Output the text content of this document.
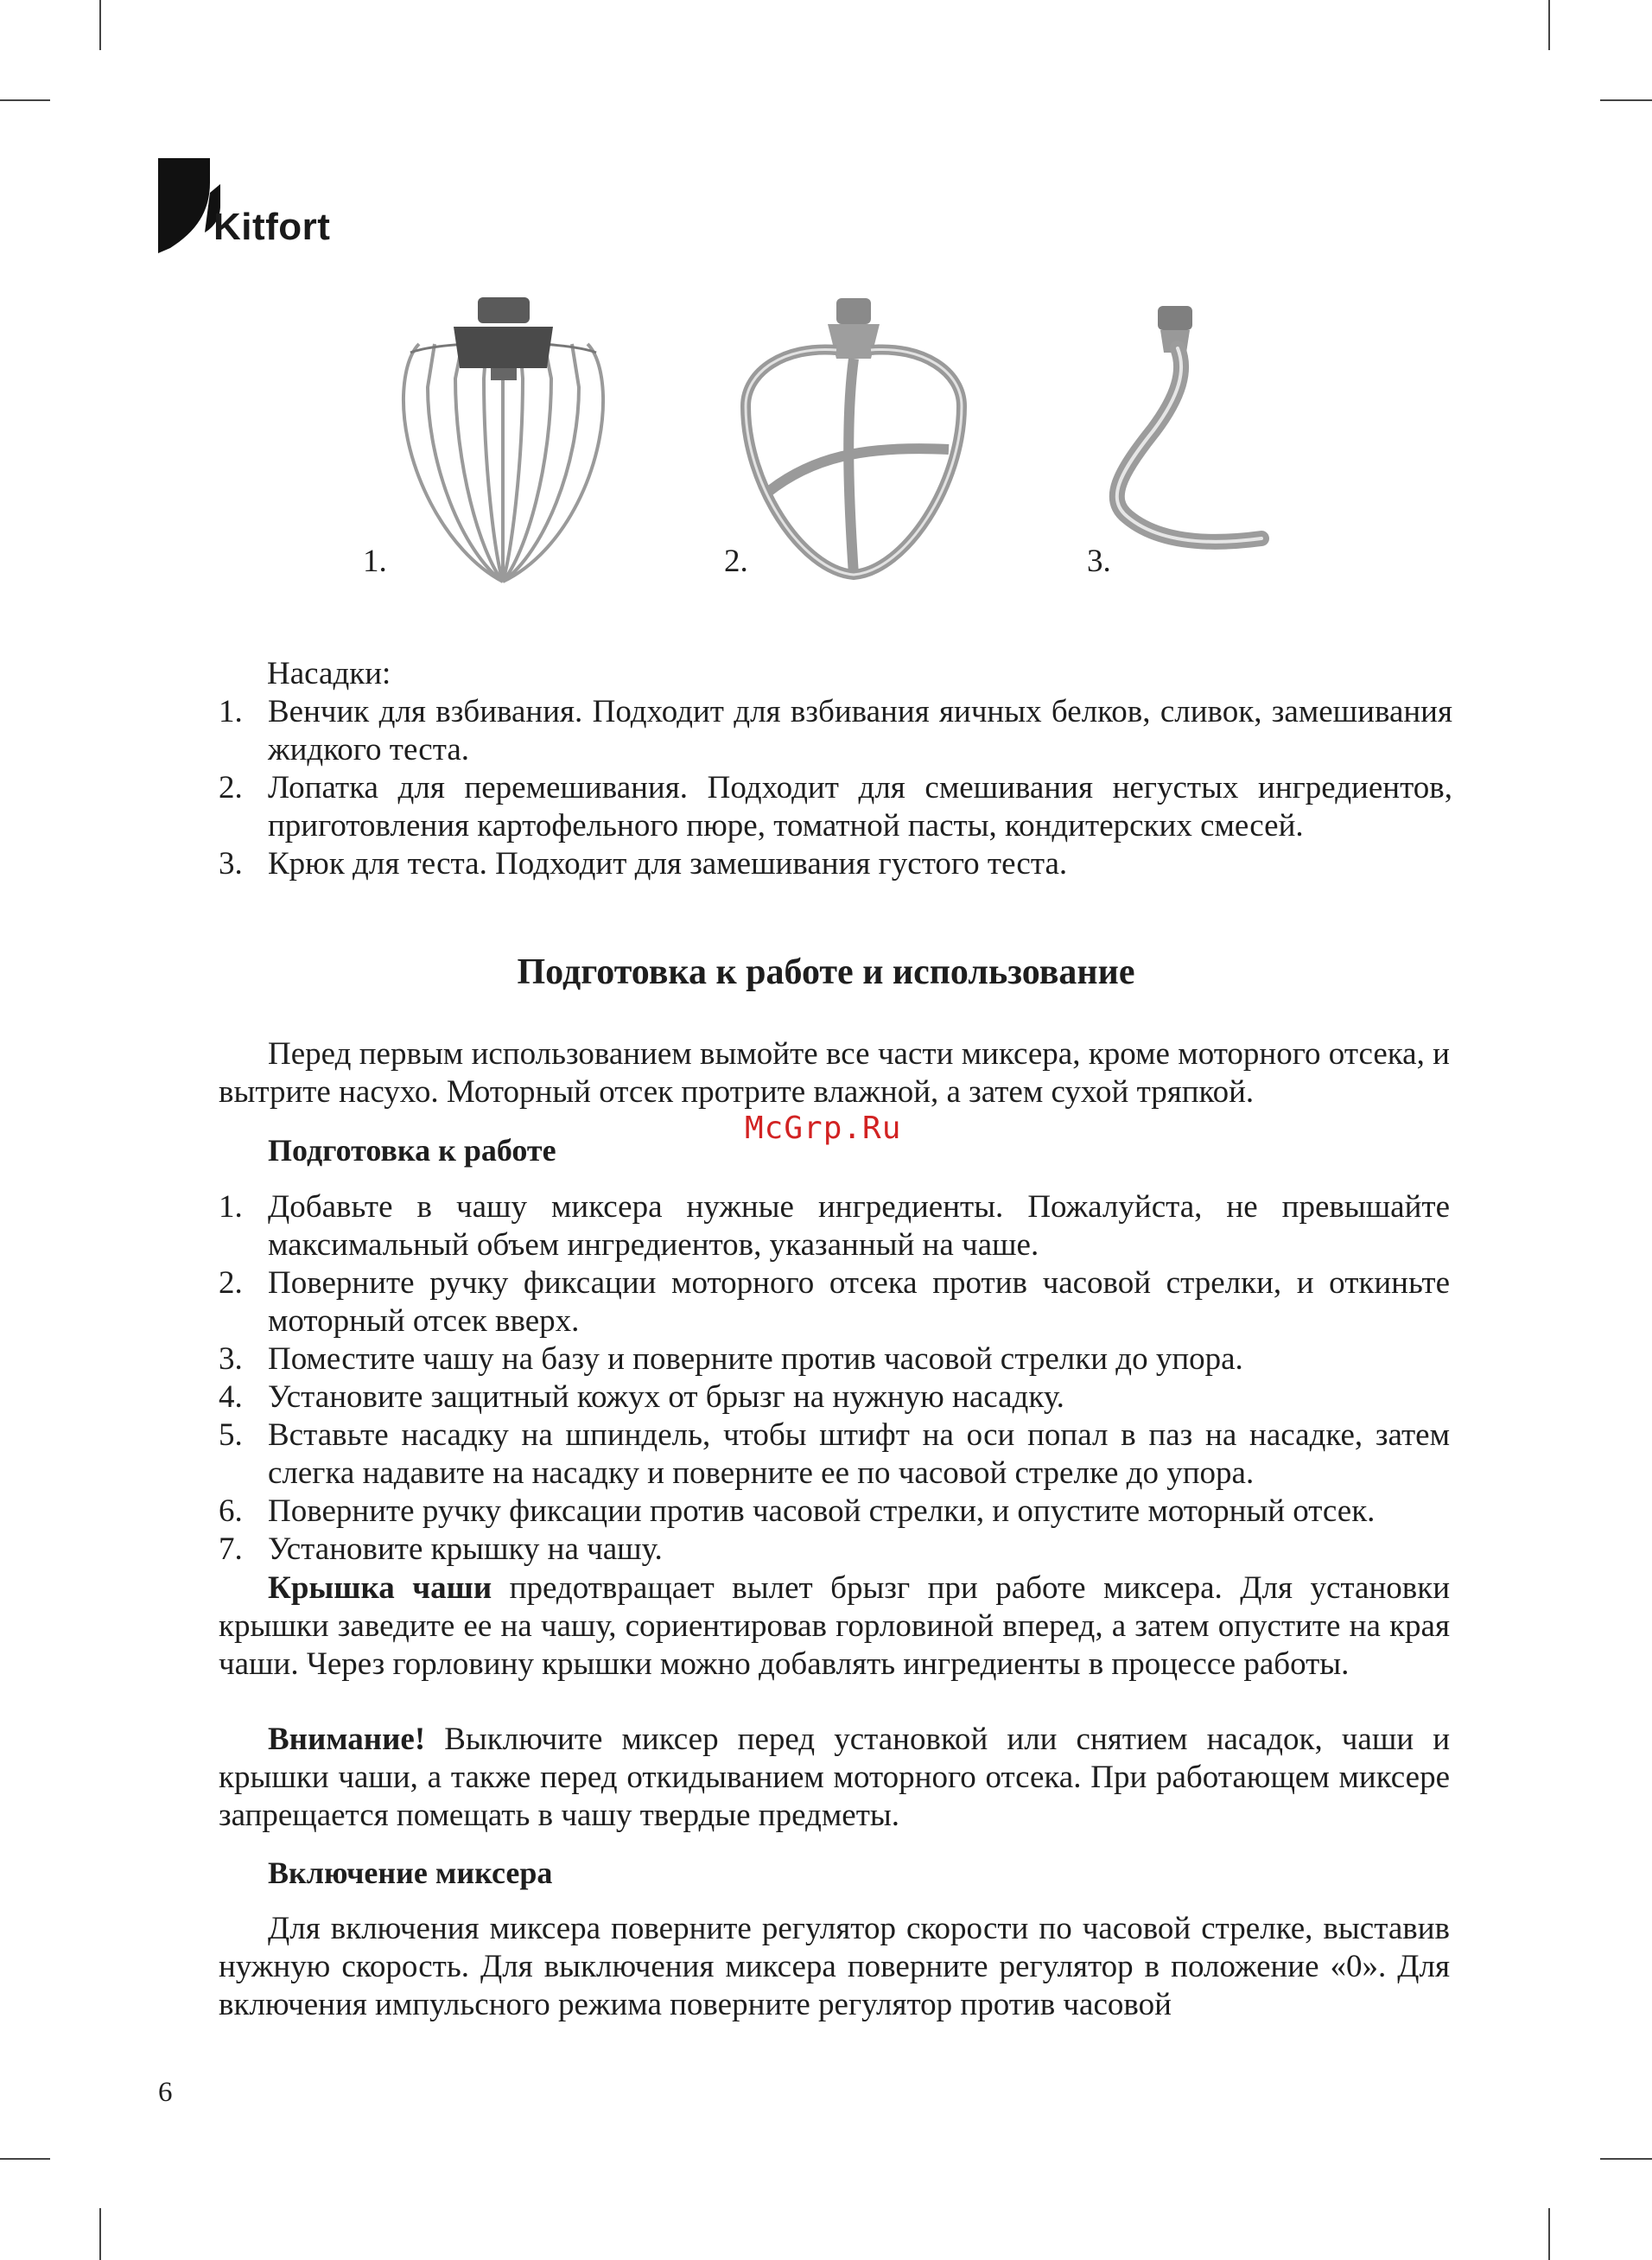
Kitfort
1.	2.	3.
Насадки:
1. Венчик для взбивания. Подходит для взбивания яичных белков, сливок, замешивания жидкого теста.
2. Лопатка для перемешивания. Подходит для смешивания негустых ингредиентов, приготовления картофельного пюре, томатной пасты, кондитерских смесей.
3. Крюк для теста. Подходит для замешивания густого теста.
Подготовка к работе и использование
Перед первым использованием вымойте все части миксера, кроме моторного отсека, и вытрите насухо. Моторный отсек протрите влажной, а затем сухой тряпкой.
McGrp.Ru
Подготовка к работе
1. Добавьте в чашу миксера нужные ингредиенты. Пожалуйста, не превышайте максимальный объем ингредиентов, указанный на чаше.
2. Поверните ручку фиксации моторного отсека против часовой стрелки, и откиньте моторный отсек вверх.
3. Поместите чашу на базу и поверните против часовой стрелки до упора.
4. Установите защитный кожух от брызг на нужную насадку.
5. Вставьте насадку на шпиндель, чтобы штифт на оси попал в паз на насадке, затем слегка надавите на насадку и поверните ее по часовой стрелке до упора.
6. Поверните ручку фиксации против часовой стрелки, и опустите моторный отсек.
7. Установите крышку на чашу.
Крышка чаши предотвращает вылет брызг при работе миксера. Для установки крышки заведите ее на чашу, сориентировав горловиной вперед, а затем опустите на края чаши. Через горловину крышки можно добавлять ингредиенты в процессе работы.
Внимание! Выключите миксер перед установкой или снятием насадок, чаши и крышки чаши, а также перед откидыванием моторного отсека. При работающем миксере запрещается помещать в чашу твердые предметы.
Включение миксера
Для включения миксера поверните регулятор скорости по часовой стрелке, выставив нужную скорость. Для выключения миксера поверните регулятор в положение «0». Для включения импульсного режима поверните регулятор против часовой
6
